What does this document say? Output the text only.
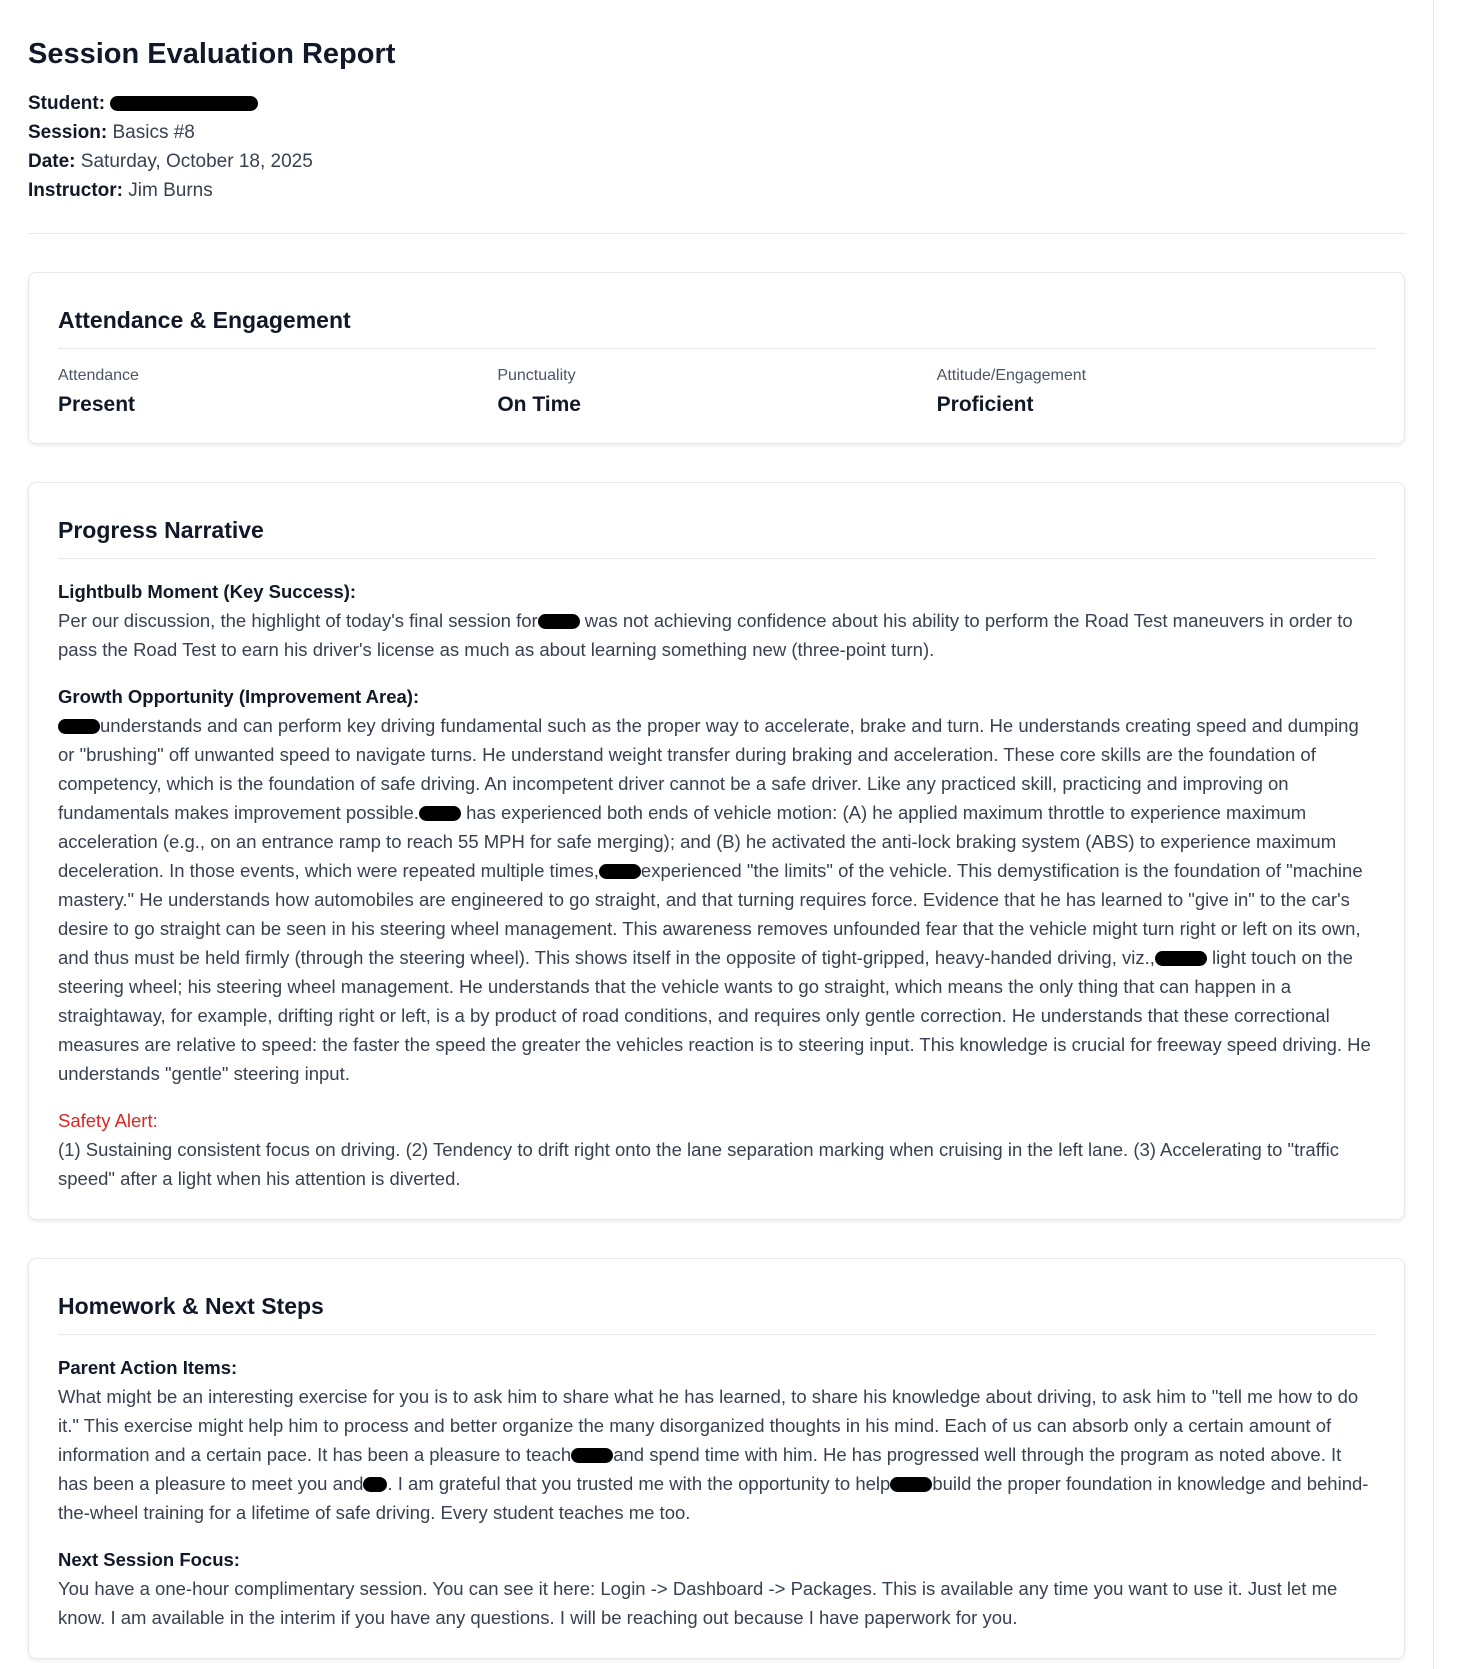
Session Evaluation Report
Student:
Session: Basics #8
Date: Saturday, October 18, 2025
Instructor: Jim Burns
Attendance & Engagement
Attendance
Present
Punctuality
On Time
Attitude/Engagement
Proficient
Progress Narrative
Lightbulb Moment (Key Success):
Per our discussion, the highlight of today's final session for	was not achieving confidence about his ability to perform the Road Test maneuvers in order to pass the Road Test to earn his driver's license as much as about learning something new (three-point turn).
Growth Opportunity (Improvement Area):
understands and can perform key driving fundamental such as the proper way to accelerate, brake and turn. He understands creating speed and dumping or "brushing" off unwanted speed to navigate turns. He understand weight transfer during braking and acceleration. These core skills are the foundation of competency, which is the foundation of safe driving. An incompetent driver cannot be a safe driver. Like any practiced skill, practicing and improving on fundamentals makes improvement possible.	has experienced both ends of vehicle motion: (A) he applied maximum throttle to experience maximum acceleration (e.g., on an entrance ramp to reach 55 MPH for safe merging); and (B) he activated the anti-lock braking system (ABS) to experience maximum deceleration. In those events, which were repeated multiple times, experienced "the limits" of the vehicle. This demystification is the foundation of "machine mastery." He understands how automobiles are engineered to go straight, and that turning requires force. Evidence that he has learned to "give in" to the car's desire to go straight can be seen in his steering wheel management. This awareness removes unfounded fear that the vehicle might turn right or left on its own, and thus must be held firmly (through the steering wheel). This shows itself in the opposite of tight-gripped, heavy-handed driving, viz.,	light touch on the steering wheel; his steering wheel management. He understands that the vehicle wants to go straight, which means the only thing that can happen in a straightaway, for example, drifting right or left, is a by product of road conditions, and requires only gentle correction. He understands that these correctional measures are relative to speed: the faster the speed the greater the vehicles reaction is to steering input. This knowledge is crucial for freeway speed driving. He understands "gentle" steering input.
Safety Alert:
(1) Sustaining consistent focus on driving. (2) Tendency to drift right onto the lane separation marking when cruising in the left lane. (3) Accelerating to "traffic speed" after a light when his attention is diverted.
Homework & Next Steps
Parent Action Items:
What might be an interesting exercise for you is to ask him to share what he has learned, to share his knowledge about driving, to ask him to "tell me how to do it." This exercise might help him to process and better organize the many disorganized thoughts in his mind. Each of us can absorb only a certain amount of information and a certain pace. It has been a pleasure to teach and spend time with him. He has progressed well through the program as noted above. It has been a pleasure to meet you and . I am grateful that you trusted me with the opportunity to help build the proper foundation in knowledge and behind-the-wheel training for a lifetime of safe driving. Every student teaches me too.
Next Session Focus:
You have a one-hour complimentary session. You can see it here: Login -> Dashboard -> Packages. This is available any time you want to use it. Just let me know. I am available in the interim if you have any questions. I will be reaching out because I have paperwork for you.
